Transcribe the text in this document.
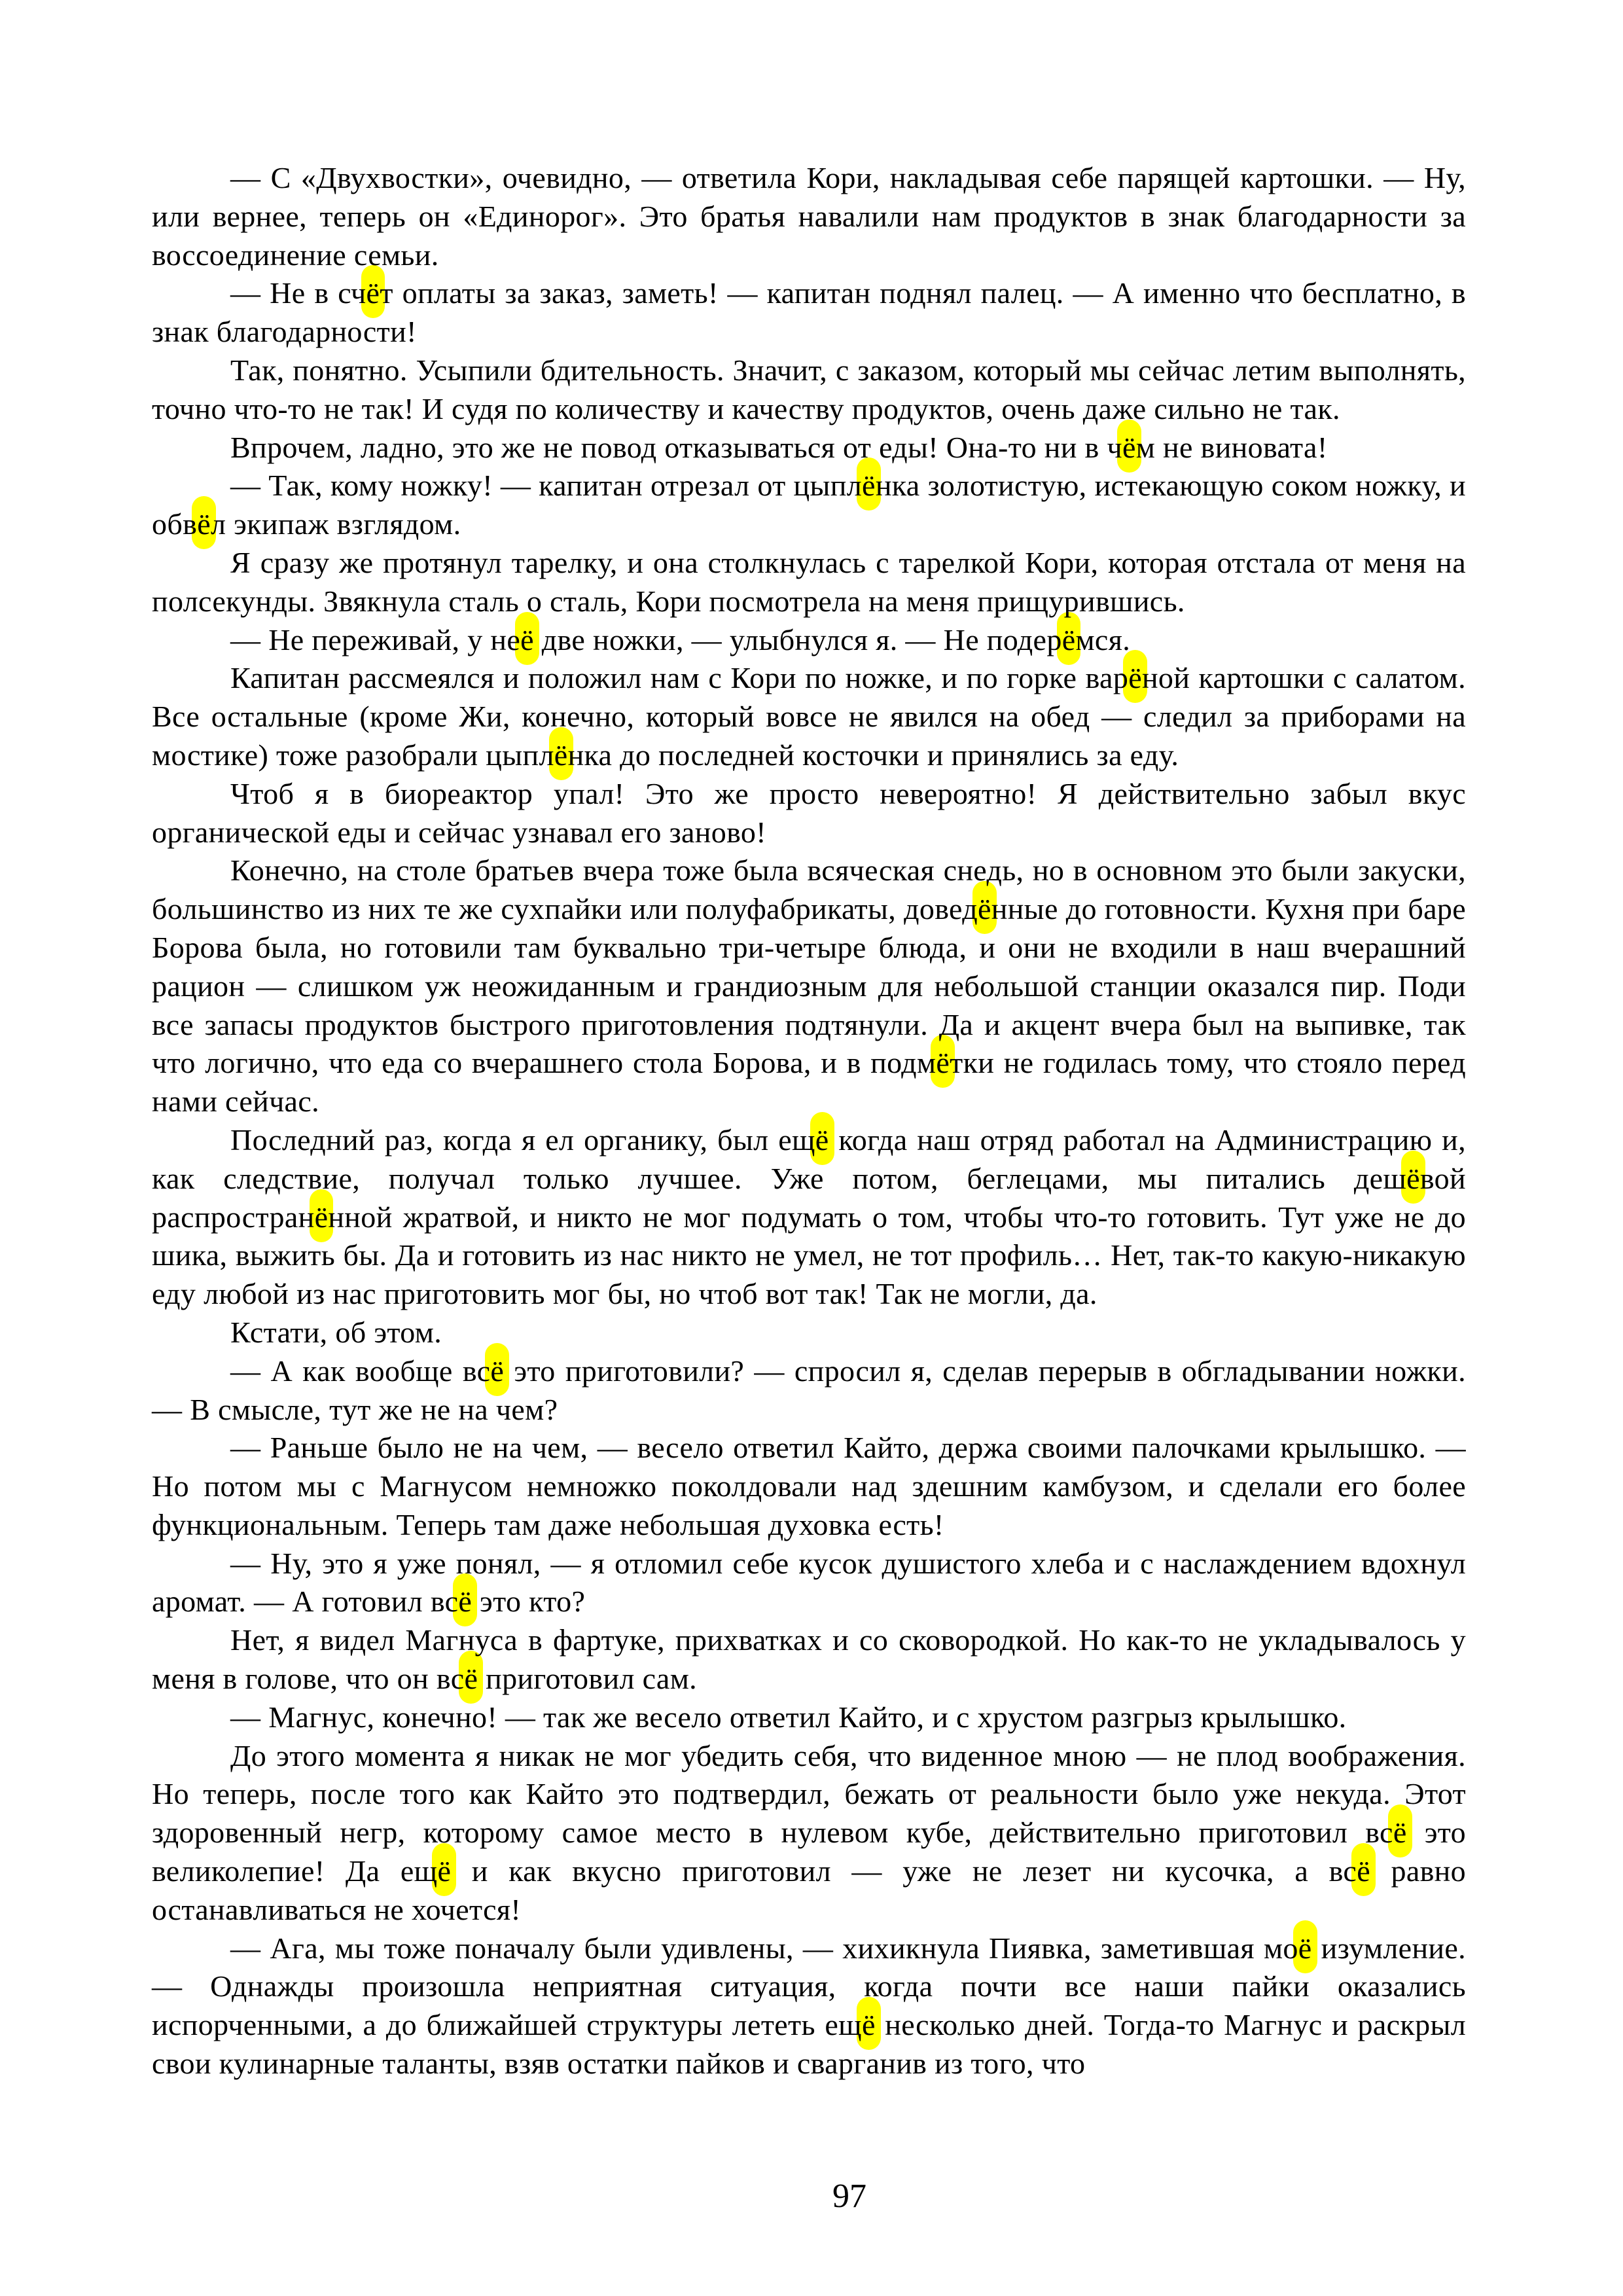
— С «Двухвостки», очевидно, — ответила Кори, накладывая себе парящей картошки. — Ну, или вернее, теперь он «Единорог». Это братья навалили нам продуктов в знак благодарности за воссоединение семьи.

— Не в счёт оплаты за заказ, заметь! — капитан поднял палец. — А именно что бесплатно, в знак благодарности!

Так, понятно. Усыпили бдительность. Значит, с заказом, который мы сейчас летим выполнять, точно что-то не так! И судя по количеству и качеству продуктов, очень даже сильно не так.

Впрочем, ладно, это же не повод отказываться от еды! Она-то ни в чём не виновата!

— Так, кому ножку! — капитан отрезал от цыплёнка золотистую, истекающую соком ножку, и обвёл экипаж взглядом.

Я сразу же протянул тарелку, и она столкнулась с тарелкой Кори, которая отстала от меня на полсекунды. Звякнула сталь о сталь, Кори посмотрела на меня прищурившись.

— Не переживай, у неё две ножки, — улыбнулся я. — Не подерёмся.

Капитан рассмеялся и положил нам с Кори по ножке, и по горке варёной картошки с салатом. Все остальные (кроме Жи, конечно, который вовсе не явился на обед — следил за приборами на мостике) тоже разобрали цыплёнка до последней косточки и принялись за еду.

Чтоб я в биореактор упал! Это же просто невероятно! Я действительно забыл вкус органической еды и сейчас узнавал его заново!

Конечно, на столе братьев вчера тоже была всяческая снедь, но в основном это были закуски, большинство из них те же сухпайки или полуфабрикаты, доведённые до готовности. Кухня при баре Борова была, но готовили там буквально три-четыре блюда, и они не входили в наш вчерашний рацион — слишком уж неожиданным и грандиозным для небольшой станции оказался пир. Поди все запасы продуктов быстрого приготовления подтянули. Да и акцент вчера был на выпивке, так что логично, что еда со вчерашнего стола Борова, и в подмётки не годилась тому, что стояло перед нами сейчас.

Последний раз, когда я ел органику, был ещё когда наш отряд работал на Администрацию и, как следствие, получал только лучшее. Уже потом, беглецами, мы питались дешёвой распространённой жратвой, и никто не мог подумать о том, чтобы что-то готовить. Тут уже не до шика, выжить бы. Да и готовить из нас никто не умел, не тот профиль… Нет, так-то какую-никакую еду любой из нас приготовить мог бы, но чтоб вот так! Так не могли, да.

Кстати, об этом.

— А как вообще всё это приготовили? — спросил я, сделав перерыв в обгладывании ножки. — В смысле, тут же не на чем?

— Раньше было не на чем, — весело ответил Кайто, держа своими палочками крылышко. — Но потом мы с Магнусом немножко поколдовали над здешним камбузом, и сделали его более функциональным. Теперь там даже небольшая духовка есть!

— Ну, это я уже понял, — я отломил себе кусок душистого хлеба и с наслаждением вдохнул аромат. — А готовил всё это кто?

Нет, я видел Магнуса в фартуке, прихватках и со сковородкой. Но как-то не укладывалось у меня в голове, что он всё приготовил сам.

— Магнус, конечно! — так же весело ответил Кайто, и с хрустом разгрыз крылышко.

До этого момента я никак не мог убедить себя, что виденное мною — не плод воображения. Но теперь, после того как Кайто это подтвердил, бежать от реальности было уже некуда. Этот здоровенный негр, которому самое место в нулевом кубе, действительно приготовил всё это великолепие! Да ещё и как вкусно приготовил — уже не лезет ни кусочка, а всё равно останавливаться не хочется!

— Ага, мы тоже поначалу были удивлены, — хихикнула Пиявка, заметившая моё изумление. — Однажды произошла неприятная ситуация, когда почти все наши пайки оказались испорченными, а до ближайшей структуры лететь ещё несколько дней. Тогда-то Магнус и раскрыл свои кулинарные таланты, взяв остатки пайков и сварганив из того, что

97
